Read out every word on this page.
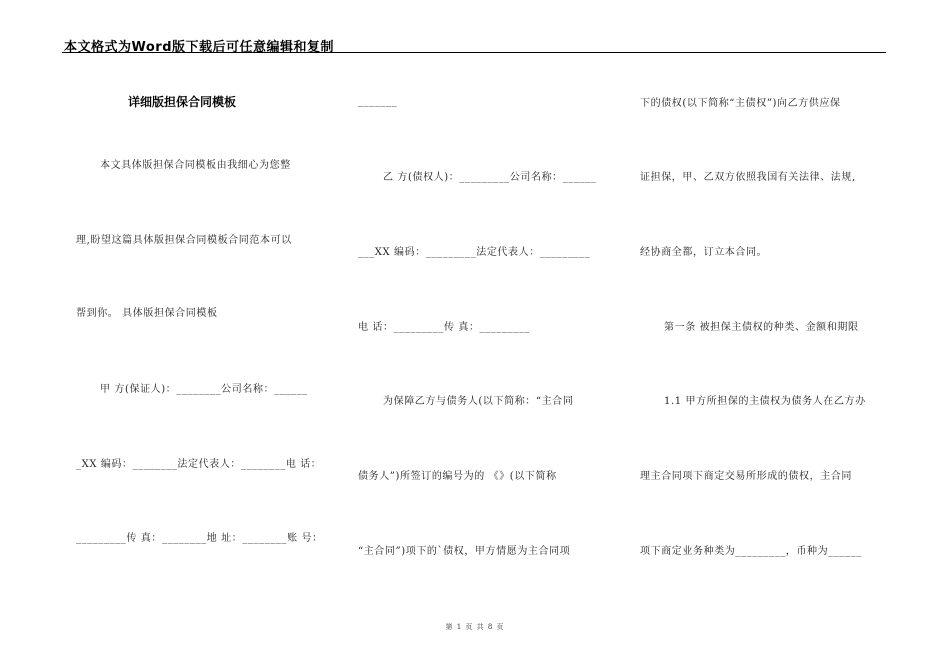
本文格式为Word版下载后可任意编辑和复制
详细版担保合同模板
本文具体版担保合同模板由我细心为您整
理,盼望这篇具体版担保合同模板合同范本可以
帮到你。 具体版担保合同模板
甲 方(保证人)：________公司名称：______
_XX 编码：________法定代表人：________电 话：
_________传 真：________地 址：________账 号：
_______
乙 方(债权人)：_________公司名称：______
___XX 编码：_________法定代表人：_________
电 话：_________传 真：_________
为保障乙方与债务人(以下简称：“主合同
债务人”)所签订的编号为的 《》(以下简称
“主合同”)项下的`债权，甲方情愿为主合同项
下的债权(以下简称“主债权”)向乙方供应保
证担保，甲、乙双方依照我国有关法律、法规,
经协商全都，订立本合同。
第一条 被担保主债权的种类、金额和期限
1.1 甲方所担保的主债权为债务人在乙方办
理主合同项下商定交易所形成的债权，主合同
项下商定业务种类为_________，币种为______
第 1 页 共 8 页
